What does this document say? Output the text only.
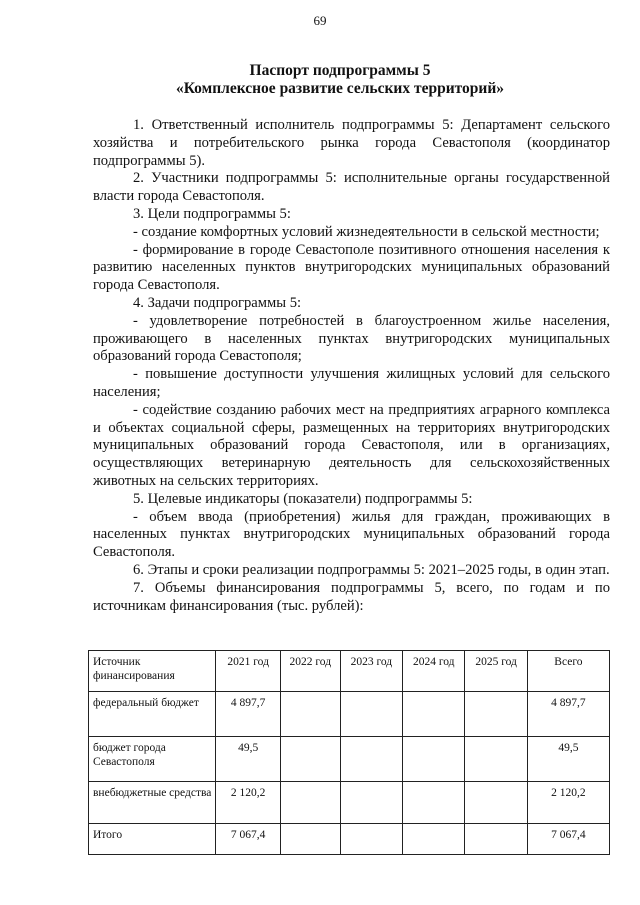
69
Паспорт подпрограммы 5
«Комплексное развитие сельских территорий»

1. Ответственный исполнитель подпрограммы 5: Департамент сельского хозяйства и потребительского рынка города Севастополя (координатор подпрограммы 5).

2. Участники подпрограммы 5: исполнительные органы государственной власти города Севастополя.

3. Цели подпрограммы 5:

- создание комфортных условий жизнедеятельности в сельской местности;

- формирование в городе Севастополе позитивного отношения населения к развитию населенных пунктов внутригородских муниципальных образований города Севастополя.

4. Задачи подпрограммы 5:

- удовлетворение потребностей в благоустроенном жилье населения, проживающего в населенных пунктах внутригородских муниципальных образований города Севастополя;

- повышение доступности улучшения жилищных условий для сельского населения;

- содействие созданию рабочих мест на предприятиях аграрного комплекса и объектах социальной сферы, размещенных на территориях внутригородских муниципальных образований города Севастополя, или в организациях, осуществляющих ветеринарную деятельность для сельскохозяйственных животных на сельских территориях.

5. Целевые индикаторы (показатели) подпрограммы 5:

- объем ввода (приобретения) жилья для граждан, проживающих в населенных пунктах внутригородских муниципальных образований города Севастополя.

6. Этапы и сроки реализации подпрограммы 5: 2021–2025 годы, в один этап.

7. Объемы финансирования подпрограммы 5, всего, по годам и по источникам финансирования (тыс. рублей):

Источник финансирования	2021 год	2022 год	2023 год	2024 год	2025 год	Всего
федеральный бюджет	4 897,7					4 897,7
бюджет города Севастополя	49,5					49,5
внебюджетные средства	2 120,2					2 120,2
Итого	7 067,4					7 067,4
